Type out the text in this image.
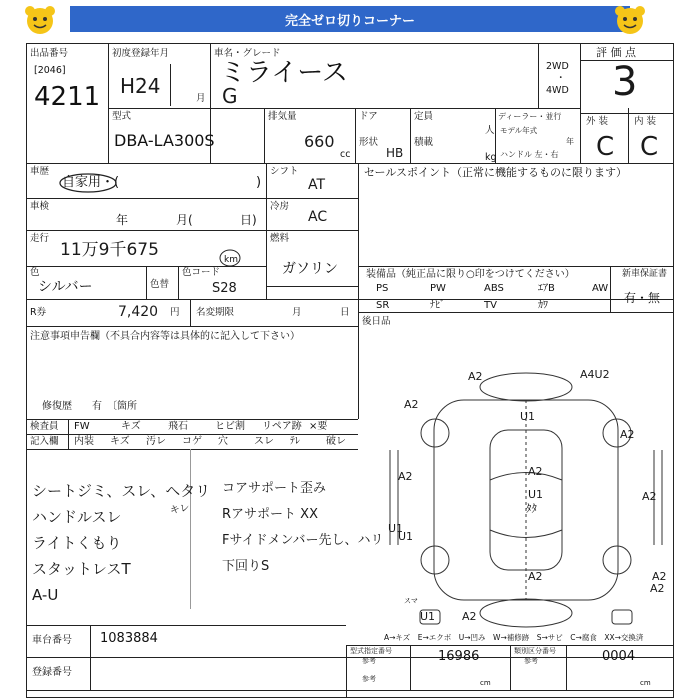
完全ゼロ切りコーナー
出品番号
[2046]
4211
初度登録年月
H24
月
車名・グレード
ミライース
G
2WD
・
4WD
評 価 点
3
型式
DBA-LA300S
排気量
660
cc
ドア
形状
HB
定員
人
積載
kg
ディーラー・並行
モデル年式
年
ハンドル 左・右
外 装	内 装
C C
車歴
自家用・(	)
シフト
AT
セールスポイント（正常に機能するものに限ります）
車検
年	月(	日)
冷房
AC
走行
11万9千675	km
燃料
ガソリン
色
シルバー	色替
色コード
S28
R券	7,420 円 名変期限	月	日
装備品（純正品に限り○印をつけてください）	新車保証書
有・無
PS	PW	ABS	ｴｱB	AW
SR	ﾅﾋﾞ	TV	ｶﾜ
後日品
注意事項申告欄（不具合内容等は具体的に記入して下さい）
修復歴　　有　〔箇所
検査員
記入欄
FW	キズ	飛石	ヒビ割 リペア跡 ×要
内装 キズ 汚レ コゲ 穴	スレ ﾃﾚ	破レ
シートジミ、スレ、ヘタリ
ハンドルスレ
ライトくもり
スタットレスT
A-U
コアサポート歪み
Rアサポート XX
Fサイドメンバー先し、ハリ
下回りS
キレ
A2
A2
A4U2
A2
A2
A2
U1
A2
U1
A2
U1
U1
ﾀﾀ
A2
A2
A2
U1
A→キズ　E→エクボ　U→凹み　W→補修跡　S→サビ　C→腐食　XX→交換済
スマ
車台番号 1083884
登録番号
型式指定番号
参考	16986	類別区分番号
参考	0004
参考	cm	cm
